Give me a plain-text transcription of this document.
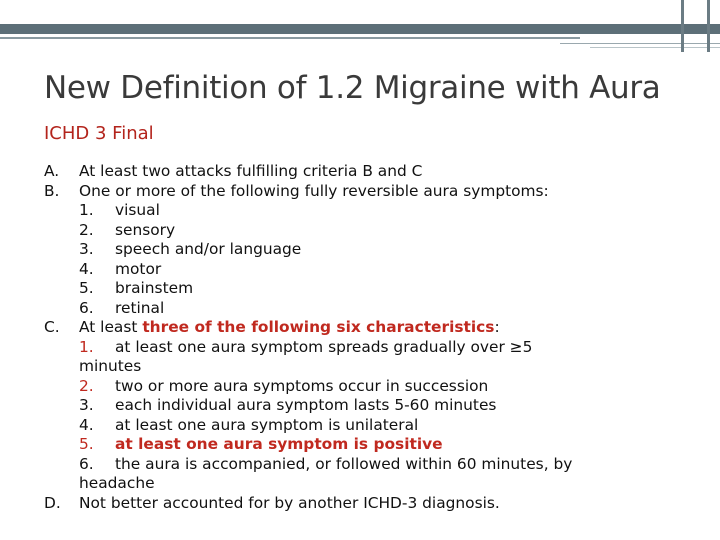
New Definition of 1.2 Migraine with Aura
ICHD 3 Final
A.	At least two attacks fulfilling criteria B and C
B.	One or more of the following fully reversible aura symptoms:
1.	visual
2.	sensory
3.	speech and/or language
4.	motor
5.	brainstem
6.	retinal
C.	At least three of the following six characteristics:
1.	at least one aura symptom spreads gradually over ≥5
minutes
2.	two or more aura symptoms occur in succession
3.	each individual aura symptom lasts 5-60 minutes
4.	at least one aura symptom is unilateral
5.	at least one aura symptom is positive
6.	the aura is accompanied, or followed within 60 minutes, by
headache
D.	Not better accounted for by another ICHD-3 diagnosis.
